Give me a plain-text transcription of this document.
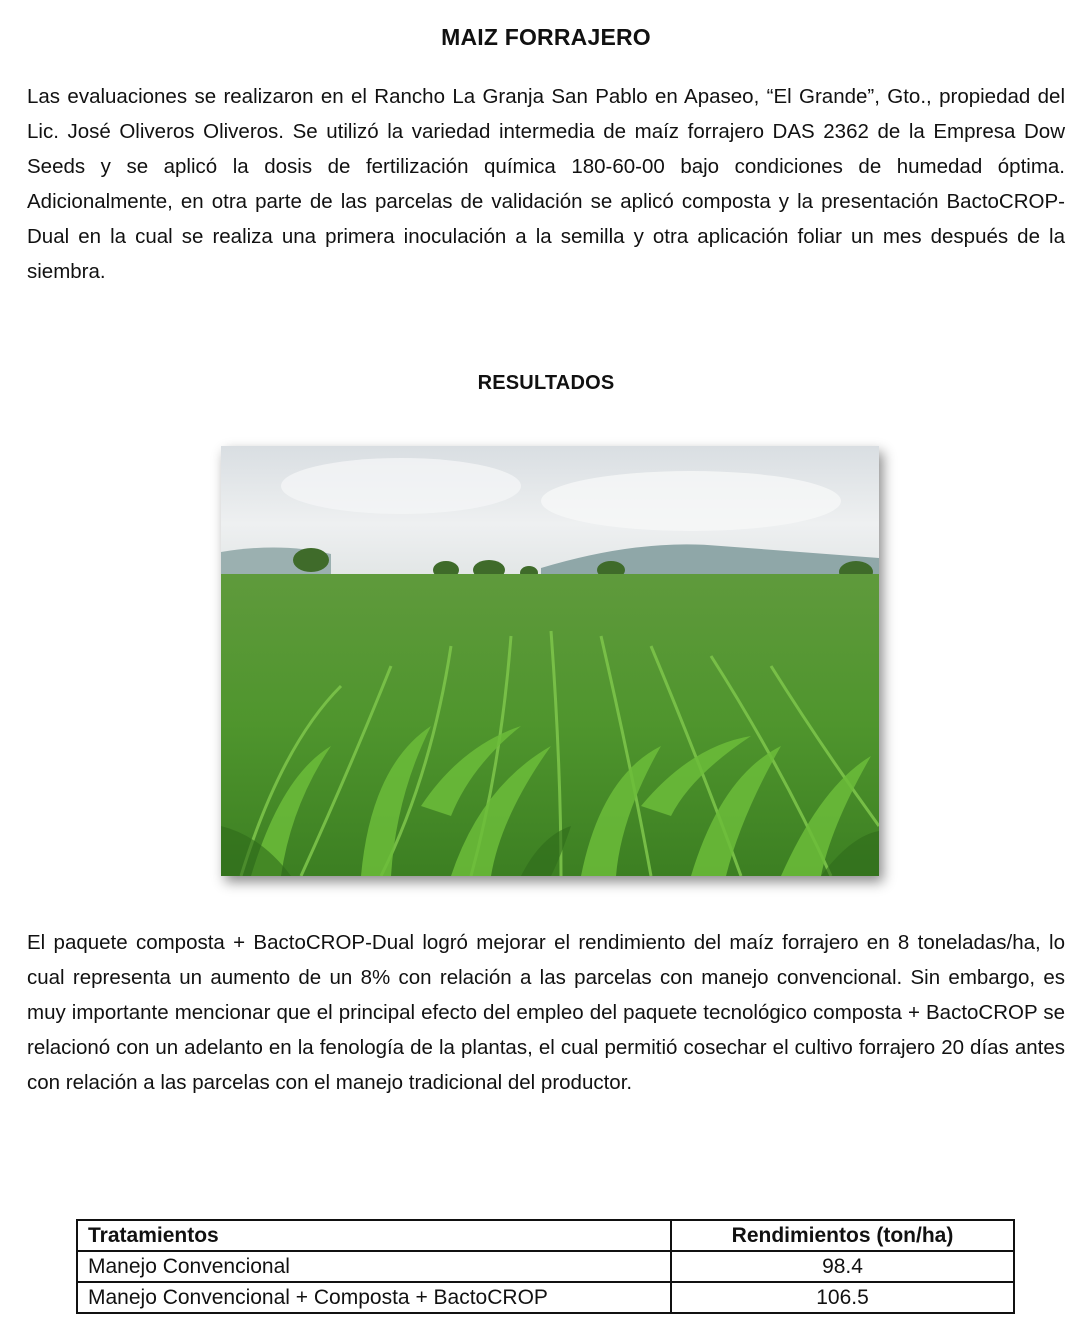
MAIZ FORRAJERO

Las evaluaciones se realizaron en el Rancho La Granja San Pablo en Apaseo, “El Grande”, Gto., propiedad del Lic. José Oliveros Oliveros. Se utilizó la variedad intermedia de maíz forrajero DAS 2362 de la Empresa Dow Seeds y se aplicó la dosis de fertilización química 180-60-00 bajo condiciones de humedad óptima. Adicionalmente, en otra parte de las parcelas de validación se aplicó composta y la presentación BactoCROP-Dual en la cual se realiza una primera inoculación a la semilla y otra aplicación foliar un mes después de la siembra.

RESULTADOS

El paquete composta + BactoCROP-Dual logró mejorar el rendimiento del maíz forrajero en 8 toneladas/ha, lo cual representa un aumento de un 8% con relación a las parcelas con manejo convencional. Sin embargo, es muy importante mencionar que el principal efecto del empleo del paquete tecnológico composta + BactoCROP se relacionó con un adelanto en la fenología de la plantas, el cual permitió cosechar el cultivo forrajero 20 días antes con relación a las parcelas con el manejo tradicional del productor.

Tratamientos	Rendimientos (ton/ha)
Manejo Convencional	98.4
Manejo Convencional + Composta + BactoCROP	106.5
